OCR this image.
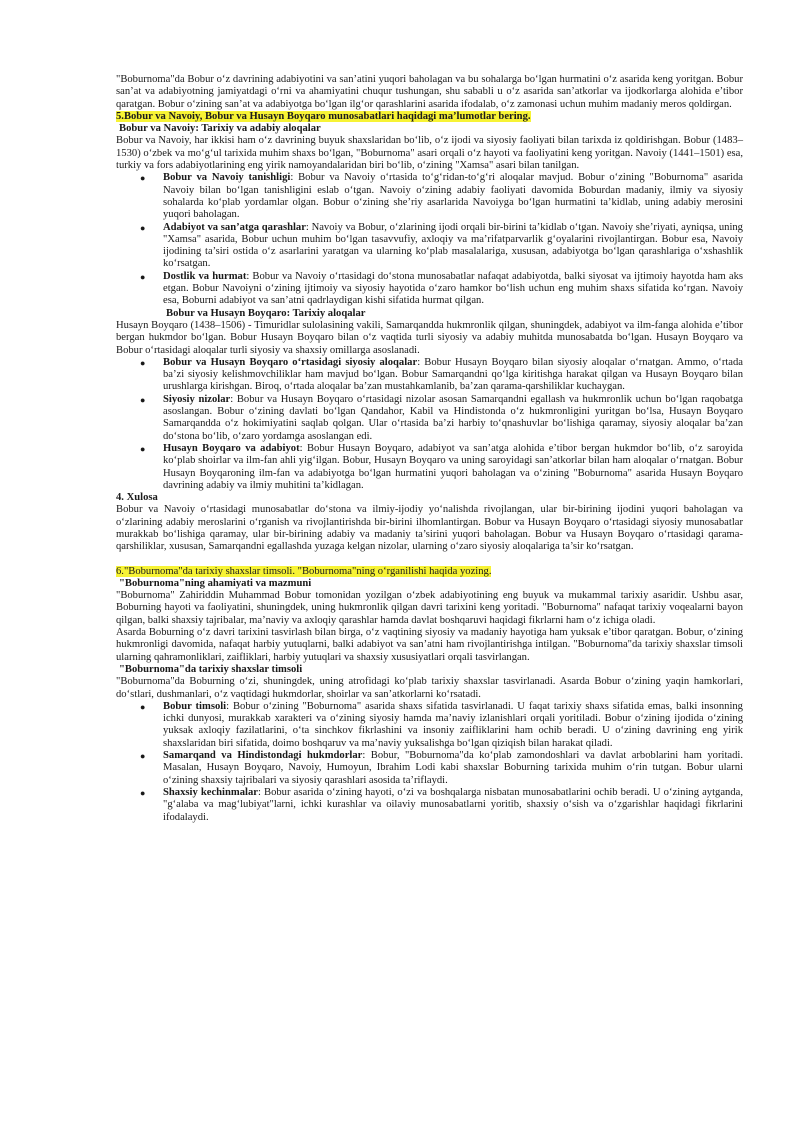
"Boburnoma"da Bobur o‘z davrining adabiyotini va san’atini yuqori baholagan va bu sohalarga bo‘lgan hurmatini o‘z asarida keng yoritgan. Bobur san’at va adabiyotning jamiyatdagi o‘rni va ahamiyatini chuqur tushungan, shu sababli u o‘z asarida san’atkorlar va ijodkorlarga alohida e’tibor qaratgan. Bobur o‘zining san’at va adabiyotga bo‘lgan ilg‘or qarashlarini asarida ifodalab, o‘z zamonasi uchun muhim madaniy meros qoldirgan.

5.Bobur va Navoiy, Bobur va Husayn Boyqaro munosabatlari haqidagi ma’lumotlar bering.

Bobur va Navoiy: Tarixiy va adabiy aloqalar

Bobur va Navoiy, har ikkisi ham o‘z davrining buyuk shaxslaridan bo‘lib, o‘z ijodi va siyosiy faoliyati bilan tarixda iz qoldirishgan. Bobur (1483–1530) o‘zbek va mo‘g‘ul tarixida muhim shaxs bo‘lgan, "Boburnoma" asari orqali o‘z hayoti va faoliyatini keng yoritgan. Navoiy (1441–1501) esa, turkiy va fors adabiyotlarining eng yirik namoyandalaridan biri bo‘lib, o‘zining "Xamsa" asari bilan tanilgan.

● Bobur va Navoiy tanishligi: Bobur va Navoiy o‘rtasida to‘g‘ridan-to‘g‘ri aloqalar mavjud. Bobur o‘zining "Boburnoma" asarida Navoiy bilan bo‘lgan tanishligini eslab o‘tgan. Navoiy o‘zining adabiy faoliyati davomida Boburdan madaniy, ilmiy va siyosiy sohalarda ko‘plab yordamlar olgan. Bobur o‘zining she’riy asarlarida Navoiyga bo‘lgan hurmatini ta’kidlab, uning adabiy merosini yuqori baholagan.
● Adabiyot va san’atga qarashlar: Navoiy va Bobur, o‘zlarining ijodi orqali bir-birini ta’kidlab o‘tgan. Navoiy she’riyati, ayniqsa, uning "Xamsa" asarida, Bobur uchun muhim bo‘lgan tasavvufiy, axloqiy va ma’rifatparvarlik g‘oyalarini rivojlantirgan. Bobur esa, Navoiy ijodining ta’siri ostida o‘z asarlarini yaratgan va ularning ko‘plab masalalariga, xususan, adabiyotga bo‘lgan qarashlariga o‘xshashlik ko‘rsatgan.
● Dostlik va hurmat: Bobur va Navoiy o‘rtasidagi do‘stona munosabatlar nafaqat adabiyotda, balki siyosat va ijtimoiy hayotda ham aks etgan. Bobur Navoiyni o‘zining ijtimoiy va siyosiy hayotida o‘zaro hamkor bo‘lish uchun eng muhim shaxs sifatida ko‘rgan. Navoiy esa, Boburni adabiyot va san’atni qadrlaydigan kishi sifatida hurmat qilgan.

Bobur va Husayn Boyqaro: Tarixiy aloqalar

Husayn Boyqaro (1438–1506) - Timuridlar sulolasining vakili, Samarqandda hukmronlik qilgan, shuningdek, adabiyot va ilm-fanga alohida e’tibor bergan hukmdor bo‘lgan. Bobur Husayn Boyqaro bilan o‘z vaqtida turli siyosiy va adabiy muhitda munosabatda bo‘lgan. Husayn Boyqaro va Bobur o‘rtasidagi aloqalar turli siyosiy va shaxsiy omillarga asoslanadi.

● Bobur va Husayn Boyqaro o‘rtasidagi siyosiy aloqalar: Bobur Husayn Boyqaro bilan siyosiy aloqalar o‘rnatgan. Ammo, o‘rtada ba’zi siyosiy kelishmovchiliklar ham mavjud bo‘lgan. Bobur Samarqandni qo‘lga kiritishga harakat qilgan va Husayn Boyqaro bilan urushlarga kirishgan. Biroq, o‘rtada aloqalar ba’zan mustahkamlanib, ba’zan qarama-qarshiliklar kuchaygan.
● Siyosiy nizolar: Bobur va Husayn Boyqaro o‘rtasidagi nizolar asosan Samarqandni egallash va hukmronlik uchun bo‘lgan raqobatga asoslangan. Bobur o‘zining davlati bo‘lgan Qandahor, Kabil va Hindistonda o‘z hukmronligini yuritgan bo‘lsa, Husayn Boyqaro Samarqandda o‘z hokimiyatini saqlab qolgan. Ular o‘rtasida ba’zi harbiy to‘qnashuvlar bo‘lishiga qaramay, siyosiy aloqalar ba’zan do‘stona bo‘lib, o‘zaro yordamga asoslangan edi.
● Husayn Boyqaro va adabiyot: Bobur Husayn Boyqaro, adabiyot va san’atga alohida e’tibor bergan hukmdor bo‘lib, o‘z saroyida ko‘plab shoirlar va ilm-fan ahli yig‘ilgan. Bobur, Husayn Boyqaro va uning saroyidagi san’atkorlar bilan ham aloqalar o‘rnatgan. Bobur Husayn Boyqaroning ilm-fan va adabiyotga bo‘lgan hurmatini yuqori baholagan va o‘zining "Boburnoma" asarida Husayn Boyqaro davrining adabiy va ilmiy muhitini ta’kidlagan.

4. Xulosa

Bobur va Navoiy o‘rtasidagi munosabatlar do‘stona va ilmiy-ijodiy yo‘nalishda rivojlangan, ular bir-birining ijodini yuqori baholagan va o‘zlarining adabiy meroslarini o‘rganish va rivojlantirishda bir-birini ilhomlantirgan. Bobur va Husayn Boyqaro o‘rtasidagi siyosiy munosabatlar murakkab bo‘lishiga qaramay, ular bir-birining adabiy va madaniy ta’sirini yuqori baholagan. Bobur va Husayn Boyqaro o‘rtasidagi qarama-qarshiliklar, xususan, Samarqandni egallashda yuzaga kelgan nizolar, ularning o‘zaro siyosiy aloqalariga ta’sir ko‘rsatgan.

6."Boburnoma"da tarixiy shaxslar timsoli. "Boburnoma"ning o‘rganilishi haqida yozing.

"Boburnoma"ning ahamiyati va mazmuni

"Boburnoma" Zahiriddin Muhammad Bobur tomonidan yozilgan o‘zbek adabiyotining eng buyuk va mukammal tarixiy asaridir. Ushbu asar, Boburning hayoti va faoliyatini, shuningdek, uning hukmronlik qilgan davri tarixini keng yoritadi. "Boburnoma" nafaqat tarixiy voqealarni bayon qilgan, balki shaxsiy tajribalar, ma’naviy va axloqiy qarashlar hamda davlat boshqaruvi haqidagi fikrlarni ham o‘z ichiga oladi.

Asarda Boburning o‘z davri tarixini tasvirlash bilan birga, o‘z vaqtining siyosiy va madaniy hayotiga ham yuksak e’tibor qaratgan. Bobur, o‘zining hukmronligi davomida, nafaqat harbiy yutuqlarni, balki adabiyot va san’atni ham rivojlantirishga intilgan. "Boburnoma"da tarixiy shaxslar timsoli ularning qahramonliklari, zaifliklari, harbiy yutuqlari va shaxsiy xususiyatlari orqali tasvirlangan.

"Boburnoma"da tarixiy shaxslar timsoli

"Boburnoma"da Boburning o‘zi, shuningdek, uning atrofidagi ko‘plab tarixiy shaxslar tasvirlanadi. Asarda Bobur o‘zining yaqin hamkorlari, do‘stlari, dushmanlari, o‘z vaqtidagi hukmdorlar, shoirlar va san’atkorlarni ko‘rsatadi.

● Bobur timsoli: Bobur o‘zining "Boburnoma" asarida shaxs sifatida tasvirlanadi. U faqat tarixiy shaxs sifatida emas, balki insonning ichki dunyosi, murakkab xarakteri va o‘zining siyosiy hamda ma’naviy izlanishlari orqali yoritiladi. Bobur o‘zining ijodida o‘zining yuksak axloqiy fazilatlarini, o‘ta sinchkov fikrlashini va insoniy zaifliklarini ham ochib beradi. U o‘zining davrining eng yirik shaxslaridan biri sifatida, doimo boshqaruv va ma’naviy yuksalishga bo‘lgan qiziqish bilan harakat qiladi.
● Samarqand va Hindistondagi hukmdorlar: Bobur, "Boburnoma"da ko‘plab zamondoshlari va davlat arboblarini ham yoritadi. Masalan, Husayn Boyqaro, Navoiy, Humoyun, Ibrahim Lodi kabi shaxslar Boburning tarixida muhim o‘rin tutgan. Bobur ularni o‘zining shaxsiy tajribalari va siyosiy qarashlari asosida ta’riflaydi.
● Shaxsiy kechinmalar: Bobur asarida o‘zining hayoti, o‘zi va boshqalarga nisbatan munosabatlarini ochib beradi. U o‘zining aytganda, "g‘alaba va mag‘lubiyat"larni, ichki kurashlar va oilaviy munosabatlarni yoritib, shaxsiy o‘sish va o‘zgarishlar haqidagi fikrlarini ifodalaydi.
